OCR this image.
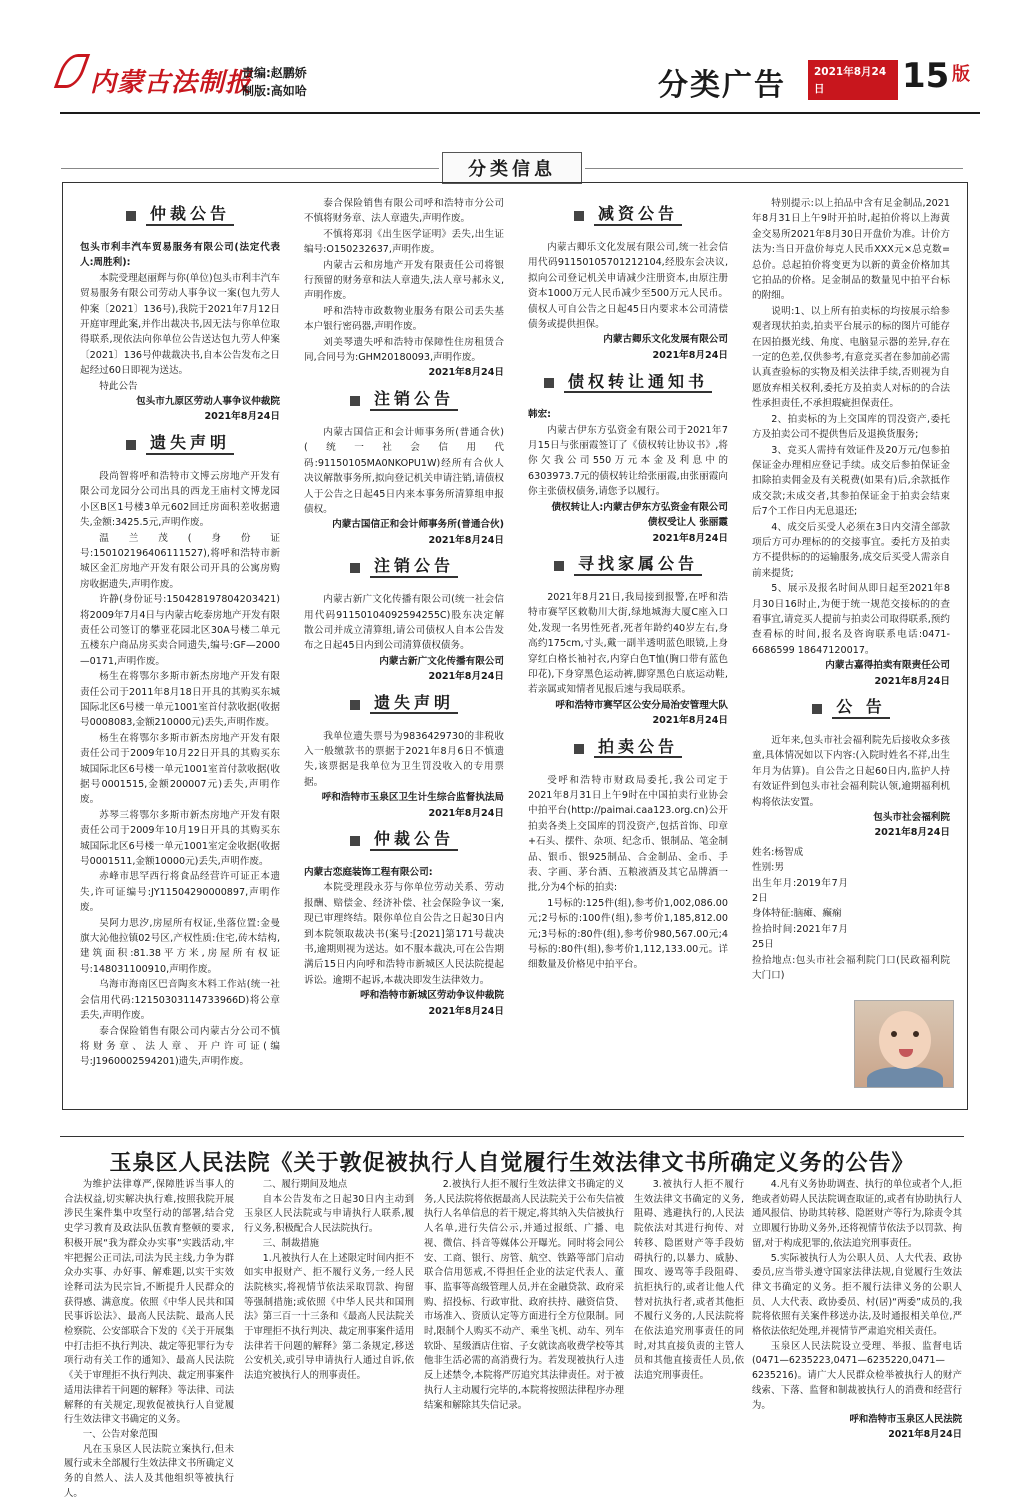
内蒙古法制报
责编:赵鹏娇
制版:高如哈	分类广告	2021年8月24日
星期二
15 版
分类信息
仲裁公告

包头市利丰汽车贸易服务有限公司(法定代表人:周胜利):

本院受理赵丽辉与你(单位)包头市利丰汽车贸易服务有限公司劳动人事争议一案(包九劳人仲案〔2021〕136号),我院于2021年7月12日开庭审理此案,并作出裁决书,因无法与你单位取得联系,现依法向你单位公告送达包九劳人仲案〔2021〕136号仲裁裁决书,自本公告发布之日起经过60日即视为送达。

特此公告

包头市九原区劳动人事争议仲裁院

2021年8月24日

遗失声明

段尚智将呼和浩特市文博云房地产开发有限公司龙园分公司出具的西龙王庙村文博龙园小区B区1号楼3单元602回迁房面积差收据遗失,金额:3425.5元,声明作废。

温兰茂(身份证号:150102196406111527),将呼和浩特市新城区金汇房地产开发有限公司开具的公寓房购房收据遗失,声明作废。

许静(身份证号:150428197804203421)将2009年7月4日与内蒙古屹泰房地产开发有限责任公司签订的攀亚花园北区30A号楼二单元五楼东户商品房买卖合同遗失,编号:GF—2000—0171,声明作废。

杨生在将鄂尔多斯市新杰房地产开发有限责任公司于2011年8月18日开具的其购买东城国际北区6号楼一单元1001室首付款收据(收据号0008083,金额210000元)丢失,声明作废。

杨生在将鄂尔多斯市新杰房地产开发有限责任公司于2009年10月22日开具的其购买东城国际北区6号楼一单元1001室首付款收据(收据号0001515,金额200007元)丢失,声明作废。

苏琴三将鄂尔多斯市新杰房地产开发有限责任公司于2009年10月19日开具的其购买东城国际北区6号楼一单元1001室定金收据(收据号0001511,金额10000元)丢失,声明作废。

赤峰市思罕西行将食品经营许可证正本遗失,许可证编号:JY11504290000897,声明作废。

吴阿力思汐,房屋所有权证,坐落位置:金曼旗大沁他拉镇02号区,产权性质:住宅,砖木结构,建筑面积:81.38平方米,房屋所有权证号:148031100910,声明作废。

乌海市海南区巴音陶亥木料工作站(统一社会信用代码:12150303114733966D)将公章丢失,声明作废。

泰合保险销售有限公司内蒙古分公司不慎将财务章、法人章、开户许可证(编号:J1960002594201)遗失,声明作废。

泰合保险销售有限公司呼和浩特市分公司不慎将财务章、法人章遗失,声明作废。

不慎将郑羽《出生医学证明》丢失,出生证编号:O150232637,声明作废。

内蒙古云和房地产开发有限责任公司将银行预留的财务章和法人章遗失,法人章号郝永义,声明作废。

呼和浩特市政数物业服务有限公司丢失基本户银行密码器,声明作废。

刘美琴遗失呼和浩特市保障性住房租赁合同,合同号为:GHM20180093,声明作废。

2021年8月24日

注销公告

内蒙古国信正和会计师事务所(普通合伙)(统一社会信用代码:91150105MA0NKOPU1W)经所有合伙人决议解散事务所,拟向登记机关申请注销,请债权人于公告之日起45日内来本事务所清算组申报债权。

内蒙古国信正和会计师事务所(普通合伙)

2021年8月24日

注销公告

内蒙古新广文化传播有限公司(统一社会信用代码91150104092594255C)股东决定解散公司并成立清算组,请公司债权人自本公告发布之日起45日内到公司清算债权债务。

内蒙古新广文化传播有限公司

2021年8月24日

遗失声明

我单位遗失票号为9836429730的非税收入一般缴款书的票据于2021年8月6日不慎遗失,该票据是我单位为卫生罚没收入的专用票据。

呼和浩特市玉泉区卫生计生综合监督执法局

2021年8月24日

仲裁公告

内蒙古恋庭装饰工程有限公司:

本院受理段永芬与你单位劳动关系、劳动报酬、赔偿金、经济补偿、社会保险争议一案,现已审理终结。限你单位自公告之日起30日内到本院领取裁决书(案号:[2021]第171号裁决书,逾期则视为送达。如不服本裁决,可在公告期满后15日内向呼和浩特市新城区人民法院提起诉讼。逾期不起诉,本裁决即发生法律效力。

呼和浩特市新城区劳动争议仲裁院

2021年8月24日

减资公告

内蒙古卿乐文化发展有限公司,统一社会信用代码91150105701212104,经股东会决议,拟向公司登记机关申请减少注册资本,由原注册资本1000万元人民币减少至500万元人民币。债权人可自公告之日起45日内要求本公司清偿债务或提供担保。

内蒙古卿乐文化发展有限公司

2021年8月24日

债权转让通知书

韩宏:

内蒙古伊东方弘资金有限公司于2021年7月15日与张丽霞签订了《债权转让协议书》,将你欠我公司550万元本金及利息中的6303973.7元的债权转让给张丽霞,由张丽霞向你主张债权债务,请您予以履行。

债权转让人:内蒙古伊东方弘资金有限公司

债权受让人 张丽霞

2021年8月24日

寻找家属公告

2021年8月21日,我局接到报警,在呼和浩特市赛罕区敕勒川大街,绿地城海大厦C座入口处,发现一名男性死者,死者年龄约40岁左右,身高约175cm,寸头,戴一副半透明蓝色眼镜,上身穿红白格长袖衬衣,内穿白色T恤(胸口带有蓝色印花),下身穿黑色运动裤,脚穿黑色白底运动鞋,若亲属或知情者见报后速与我局联系。

呼和浩特市赛罕区公安分局治安管理大队

2021年8月24日

拍卖公告

受呼和浩特市财政局委托,我公司定于2021年8月31日上午9时在中国拍卖行业协会中拍平台(http://paimai.caa123.org.cn)公开拍卖各类上交国库的罚没资产,包括首饰、印章+石头、摆件、杂项、纪念币、银制品、笔金制品、银币、银925制品、合金制品、金币、手表、字画、茅台酒、五粮液酒及其它品牌酒一批,分为4个标的拍卖:

1号标的:125件(组),参考价1,002,086.00元;2号标的:100件(组),参考价1,185,812.00元;3号标的:80件(组),参考价980,567.00元;4号标的:80件(组),参考价1,112,133.00元。详细数量及价格见中拍平台。

特别提示:以上拍品中含有足金制品,2021年8月31日上午9时开拍时,起拍价将以上海黄金交易所2021年8月30日开盘价为准。计价方法为:当日开盘价每克人民币XXX元×总克数=总价。总起拍价将变更为以新的黄金价格加其它拍品的价格。足金制品的数量见中拍平台标的附细。

说明:1、以上所有拍卖标的均按展示给参观者现状拍卖,拍卖平台展示的标的图片可能存在因拍摄光线、角度、电脑显示器的差异,存在一定的色差,仅供参考,有意竞买者在参加前必需认真查验标的实物及相关法律手续,否则视为自愿放弃相关权利,委托方及拍卖人对标的的合法性承担责任,不承担瑕疵担保责任。

2、拍卖标的为上交国库的罚没资产,委托方及拍卖公司不提供售后及退换货服务;

3、竞买人需持有效证件及20万元/包参拍保证金办理相应登记手续。成交后参拍保证金扣除拍卖佣金及有关税费(如果有)后,余款抵作成交款;未成交者,其参拍保证金于拍卖会结束后7个工作日内无息退还;

4、成交后买受人必须在3日内交清全部款项后方可办理标的的交接事宜。委托方及拍卖方不提供标的的运输服务,成交后买受人需亲自前来提货;

5、展示及报名时间从即日起至2021年8月30日16时止,为便于统一规范交接标的的查看事宜,请竞买人提前与拍卖公司取得联系,预约查看标的时间,报名及咨询联系电话:0471-6686599 18647120017。

内蒙古嘉得拍卖有限责任公司

2021年8月24日

公 告

近年来,包头市社会福利院先后接收众多孩童,具体情况如以下内容:(入院时姓名不祥,出生年月为估算)。自公告之日起60日内,监护人持有效证件到包头市社会福利院认领,逾期福利机构将依法安置。

包头市社会福利院

2021年8月24日

姓名:杨智成

性别:男

出生年月:2019年7月2日

身体特征:脑瘫、癫痫

捡拾时间:2021年7月25日

捡拾地点:包头市社会福利院门口(民政福利院大门口)

玉泉区人民法院《关于敦促被执行人自觉履行生效法律文书所确定义务的公告》

为维护法律尊严,保障胜诉当事人的合法权益,切实解决执行难,按照我院开展涉民生案件集中攻坚行动的部署,结合党史学习教育及政法队伍教育整顿的要求,积极开展“我为群众办实事”实践活动,牢牢把握公正司法,司法为民主线,力争为群众办实事、办好事、解难题,以实干实效诠释司法为民宗旨,不断提升人民群众的获得感、满意度。依照《中华人民共和国民事诉讼法》、最高人民法院、最高人民检察院、公安部联合下发的《关于开展集中打击拒不执行判决、裁定等犯罪行为专项行动有关工作的通知》、最高人民法院《关于审理拒不执行判决、裁定刑事案件适用法律若干问题的解释》等法律、司法解释的有关规定,现敦促被执行人自觉履行生效法律文书确定的义务。

一、公告对象范围

凡在玉泉区人民法院立案执行,但未履行或未全部履行生效法律文书所确定义务的自然人、法人及其他组织等被执行人。

二、履行期间及地点

自本公告发布之日起30日内主动到玉泉区人民法院或与申请执行人联系,履行义务,积极配合人民法院执行。

三、制裁措施

1.凡被执行人在上述限定时间内拒不如实申报财产、拒不履行义务,一经人民法院核实,将视情节依法采取罚款、拘留等强制措施;或依照《中华人民共和国刑法》第三百一十三条和《最高人民法院关于审理拒不执行判决、裁定刑事案件适用法律若干问题的解释》第二条规定,移送公安机关,或引导申请执行人通过自诉,依法追究被执行人的刑事责任。

2.被执行人拒不履行生效法律文书确定的义务,人民法院将依据最高人民法院关于公布失信被执行人名单信息的若干规定,将其纳入失信被执行人名单,进行失信公示,并通过报纸、广播、电视、微信、抖音等媒体公开曝光。同时将会同公安、工商、银行、房管、航空、铁路等部门启动联合信用惩戒,不得担任企业的法定代表人、董事、监事等高级管理人员,并在金融贷款、政府采购、招投标、行政审批、政府扶持、融资信贷、市场准入、资质认定等方面进行全方位限制。同时,限制个人购买不动产、乘坐飞机、动车、列车软卧、星级酒店住宿、子女就读高收费学校等其他非生活必需的高消费行为。若发现被执行人违反上述禁令,本院将严厉追究其法律责任。对于被执行人主动履行完毕的,本院将按照法律程序办理结案和解除其失信记录。

3.被执行人拒不履行生效法律文书确定的义务,阻碍、逃避执行的,人民法院依法对其进行拘传、对转移、隐匿财产等手段妨碍执行的,以暴力、威胁、围攻、谩骂等手段阻碍、抗拒执行的,或者让他人代替对抗执行者,或者其他拒不履行义务的,人民法院将在依法追究刑事责任的同时,对其直接负责的主管人员和其他直接责任人员,依法追究刑事责任。

4.凡有义务协助调查、执行的单位或者个人,拒绝或者妨碍人民法院调查取证的,或者有协助执行人通风报信、协助其转移、隐匿财产等行为,除责令其立即履行协助义务外,还将视情节依法予以罚款、拘留,对于构成犯罪的,依法追究刑事责任。

5.实际被执行人为公职人员、人大代表、政协委员,应当带头遵守国家法律法规,自觉履行生效法律文书确定的义务。拒不履行法律义务的公职人员、人大代表、政协委员、村(居)“两委”成员的,我院将依照有关案件移送办法,及时通报相关单位,严格依法依纪处理,并视情节严肃追究相关责任。

玉泉区人民法院设立受理、举报、监督电话(0471—6235223,0471—6235220,0471—6235216)。请广大人民群众检举被执行人的财产线索、下落、监督和制裁被执行人的消费和经营行为。

呼和浩特市玉泉区人民法院

2021年8月24日
